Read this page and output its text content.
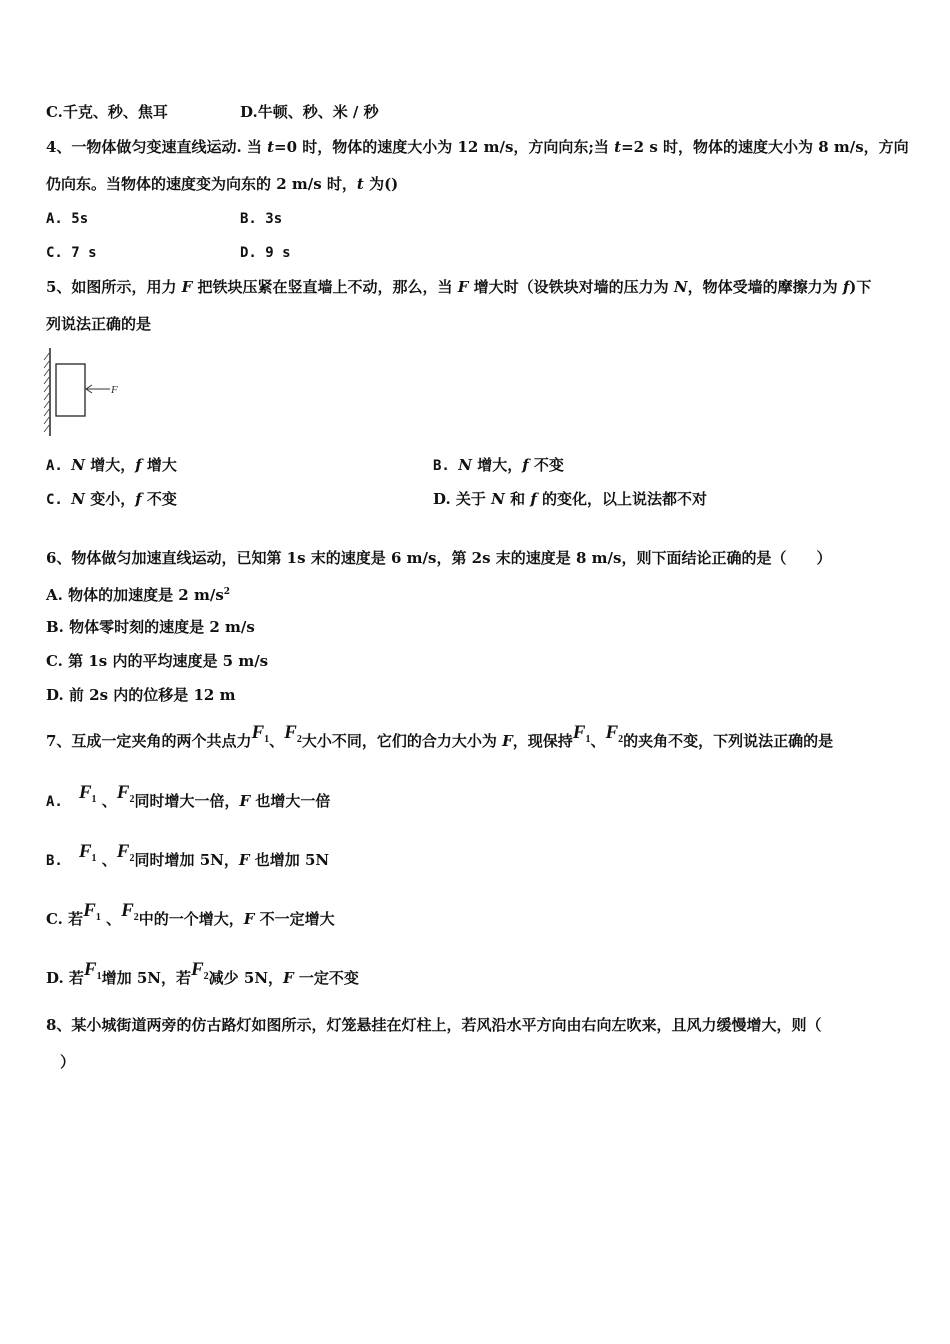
C.千克、秒、焦耳	D.牛顿、秒、米 / 秒
4、一物体做匀变速直线运动. 当 t=0 时，物体的速度大小为 12 m/s，方向向东;当 t=2 s 时，物体的速度大小为 8 m/s，方向
仍向东。当物体的速度变为向东的 2 m/s 时，t 为()
A. 5s	B. 3s
C. 7 s	D. 9 s
5、如图所示，用力 F 把铁块压紧在竖直墙上不动，那么，当 F 增大时（设铁块对墙的压力为 N，物体受墙的摩擦力为 f)下
列说法正确的是
F
A. N 增大，f 增大	B. N 增大，f 不变
C. N 变小，f 不变	D. 关于 N 和 f 的变化，以上说法都不对
6、物体做匀加速直线运动，已知第 1s 末的速度是 6 m/s，第 2s 末的速度是 8 m/s，则下面结论正确的是（　　）
A. 物体的加速度是 2 $m/s^2$
B. 物体零时刻的速度是 2 m/s
C. 第 1s 内的平均速度是 5 m/s
D. 前 2s 内的位移是 12 m
7、互成一定夹角的两个共点力$F^1$、$F^2$大小不同，它们的合力大小为 F，现保持$F^1$、$F^2$的夹角不变，下列说法正确的是
A. $F^1$ 、$F^2$同时增大一倍，F 也增大一倍
B. $F^1$ 、$F^2$同时增加 5N，F 也增加 5N
C. 若$F^1$ 、$F^2$中的一个增大，F 不一定增大
D. 若$F^1$增加 5N，若$F^2$减少 5N，F 一定不变
8、某小城街道两旁的仿古路灯如图所示，灯笼悬挂在灯柱上，若风沿水平方向由右向左吹来，且风力缓慢增大，则（
）
